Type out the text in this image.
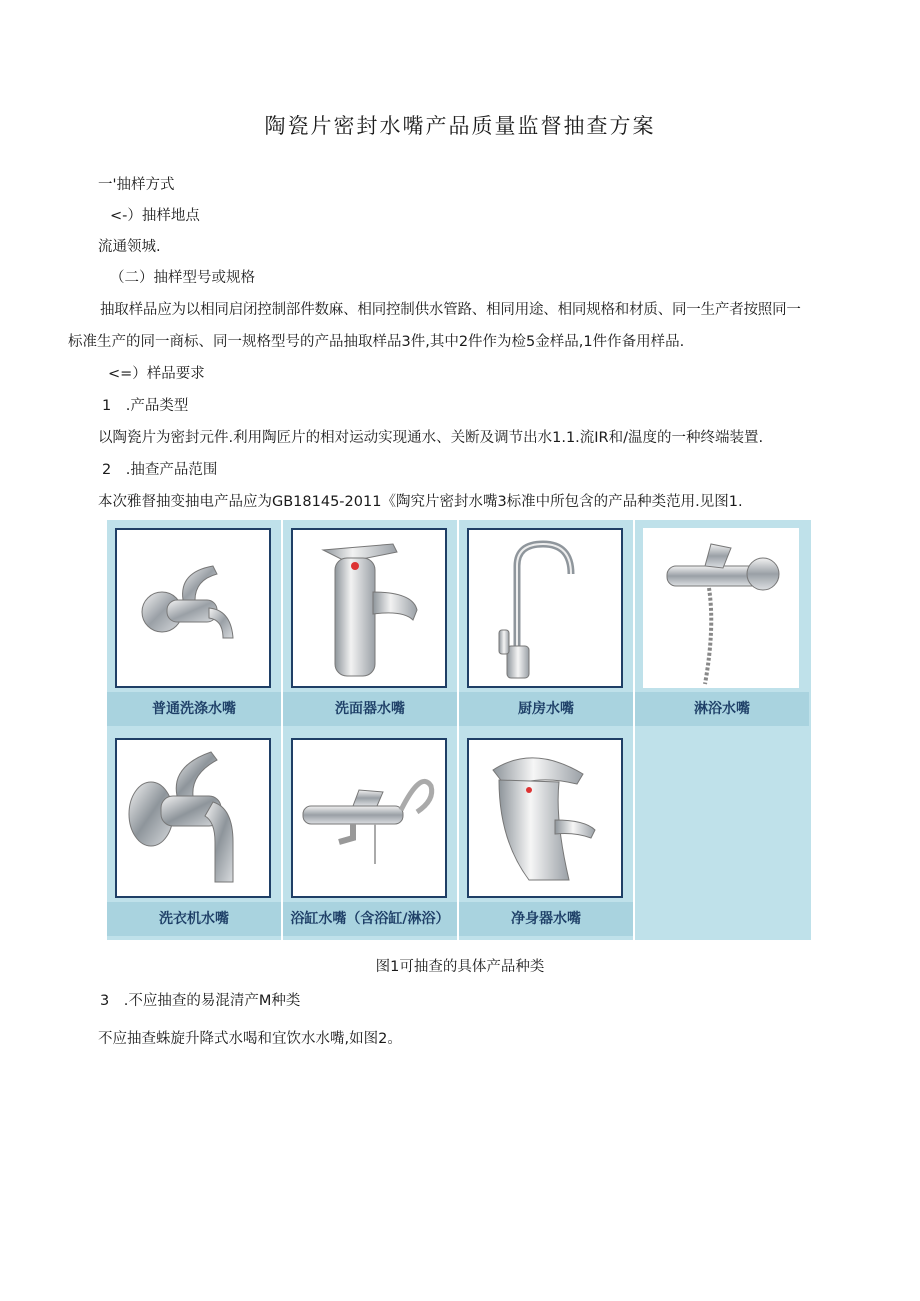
陶瓷片密封水嘴产品质量监督抽查方案
一'抽样方式
<-）抽样地点
流通领城.
（二）抽样型号或规格
抽取样品应为以相同启闭控制部件数麻、相同控制供水管路、相同用途、相同规格和材质、同一生产者按照同一
标准生产的同一商标、同一规格型号的产品抽取样品3件,其中2件作为检5金样品,1件作备用样品.
<=）样品要求
1　.产品类型
以陶瓷片为密封元件.利用陶匠片的相对运动实现通水、关断及调节出水1.1.流IR和/温度的一种终端装置.
2　.抽查产品范围
本次雅督抽变抽电产品应为GB18145-2011《陶究片密封水嘴3标准中所包含的产品种类范用.见图1.
普通洗涤水嘴	洗面器水嘴	厨房水嘴	淋浴水嘴
洗衣机水嘴	浴缸水嘴（含浴缸/淋浴）	净身器水嘴
图1可抽查的具体产品种类
3　.不应抽查的易混清产M种类
不应抽查蛛旋升降式水喝和宜饮水水嘴,如图2。
